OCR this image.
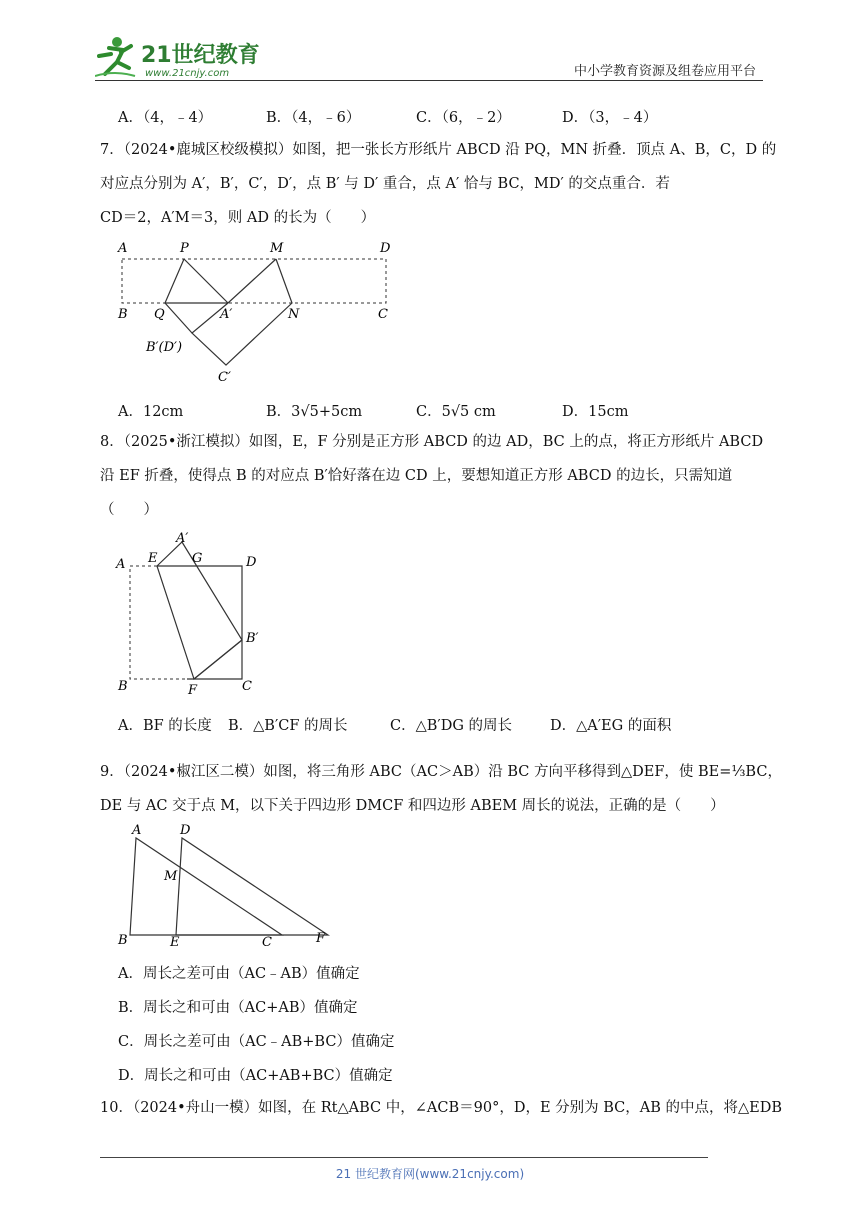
21世纪教育
www.21cnjy.com	中小学教育资源及组卷应用平台
A．（4，﹣4）	B．（4，﹣6）	C．（6，﹣2）	D．（3，﹣4）
7．（2024•鹿城区校级模拟）如图，把一张长方形纸片 ABCD 沿 PQ，MN 折叠．顶点 A、B，C，D 的
对应点分别为 A′，B′，C′，D′，点 B′ 与 D′ 重合，点 A′ 恰与 BC，MD′ 的交点重合．若
CD＝2，A′M＝3，则 AD 的长为（　　）
A	P	M	D
B Q	A′	N	C
B′(D′)
C′
A．12cm	B．3√5+5cm	C．5√5 cm	D．15cm
8．（2025•浙江模拟）如图，E，F 分别是正方形 ABCD 的边 AD，BC 上的点，将正方形纸片 ABCD
沿 EF 折叠，使得点 B 的对应点 B′恰好落在边 CD 上，要想知道正方形 ABCD 的边长，只需知道
（　　）
A′
E	G	D
A
B′
B	F	C
A．BF 的长度 B．△B′CF 的周长	C．△B′DG 的周长	D．△A′EG 的面积
9．（2024•椒江区二模）如图，将三角形 ABC（AC＞AB）沿 BC 方向平移得到△DEF，使 BE=⅓BC，
DE 与 AC 交于点 M，以下关于四边形 DMCF 和四边形 ABEM 周长的说法，正确的是（　　）
A	D
M
B	E	C	F
A．周长之差可由（AC﹣AB）值确定
B．周长之和可由（AC+AB）值确定
C．周长之差可由（AC﹣AB+BC）值确定
D．周长之和可由（AC+AB+BC）值确定
10．（2024•舟山一模）如图，在 Rt△ABC 中，∠ACB＝90°，D，E 分别为 BC，AB 的中点，将△EDB
21 世纪教育网(www.21cnjy.com)
